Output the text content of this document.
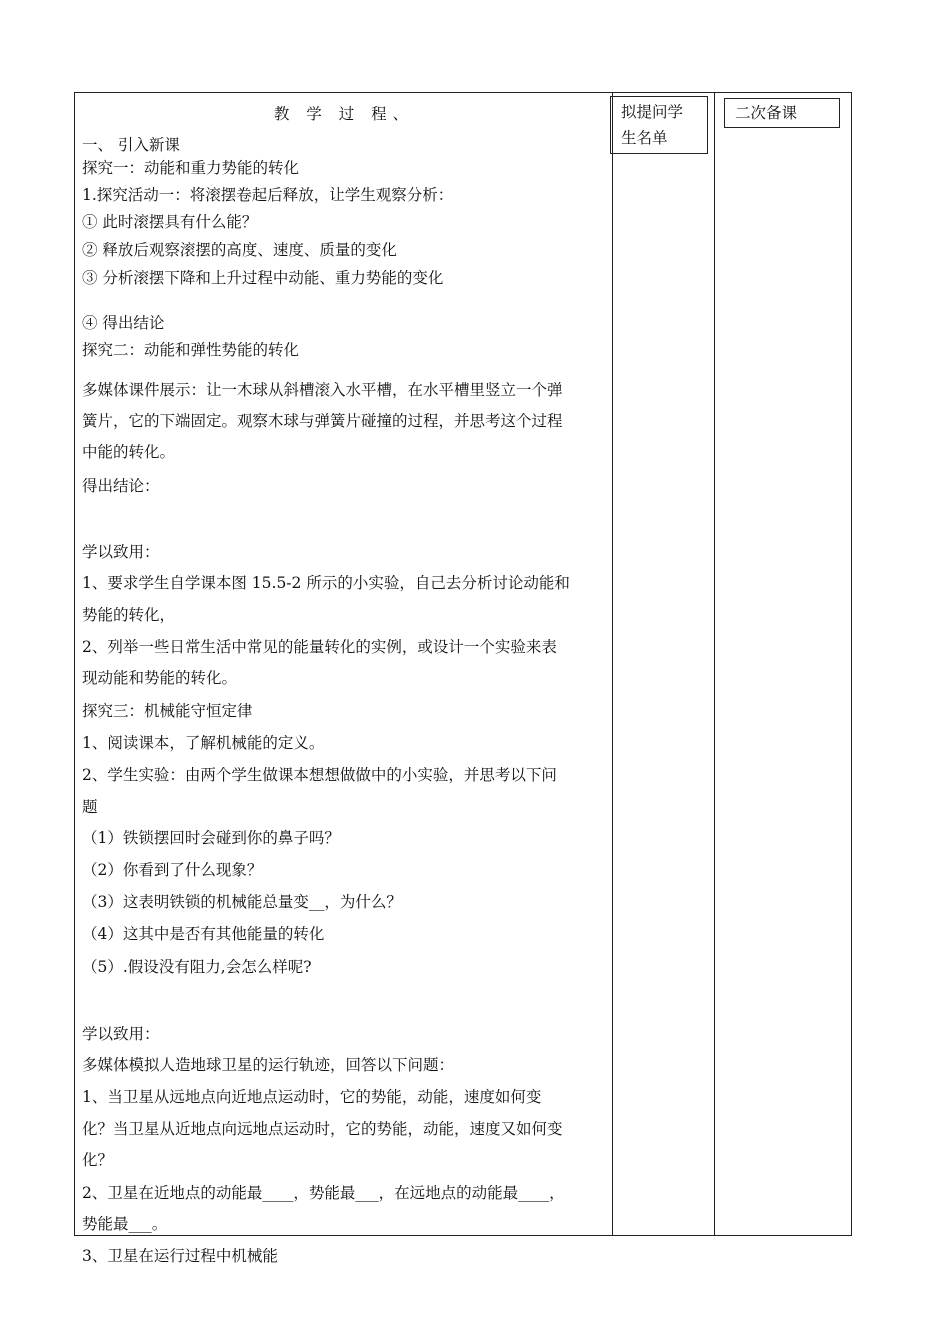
教 学 过 程、	拟提问学
生名单
二次备课
一、 引入新课
探究一：动能和重力势能的转化
1.探究活动一：将滚摆卷起后释放，让学生观察分析：
① 此时滚摆具有什么能？
② 释放后观察滚摆的高度、速度、质量的变化
③ 分析滚摆下降和上升过程中动能、重力势能的变化
④ 得出结论
探究二：动能和弹性势能的转化
多媒体课件展示：让一木球从斜槽滚入水平槽，在水平槽里竖立一个弹
簧片，它的下端固定。观察木球与弹簧片碰撞的过程，并思考这个过程
中能的转化。
得出结论：
学以致用：
1、要求学生自学课本图 15.5-2 所示的小实验，自己去分析讨论动能和
势能的转化，
2、列举一些日常生活中常见的能量转化的实例，或设计一个实验来表
现动能和势能的转化。
探究三：机械能守恒定律
1、阅读课本，了解机械能的定义。
2、学生实验：由两个学生做课本想想做做中的小实验，并思考以下问
题
（1）铁锁摆回时会碰到你的鼻子吗？
（2）你看到了什么现象？
（3）这表明铁锁的机械能总量变__，为什么？
（4）这其中是否有其他能量的转化
（5）.假设没有阻力,会怎么样呢?
学以致用：
多媒体模拟人造地球卫星的运行轨迹，回答以下问题：
1、当卫星从远地点向近地点运动时，它的势能，动能，速度如何变
化？当卫星从近地点向远地点运动时，它的势能，动能，速度又如何变
化？
2、卫星在近地点的动能最____，势能最___，在远地点的动能最____，
势能最___。
3、卫星在运行过程中机械能
